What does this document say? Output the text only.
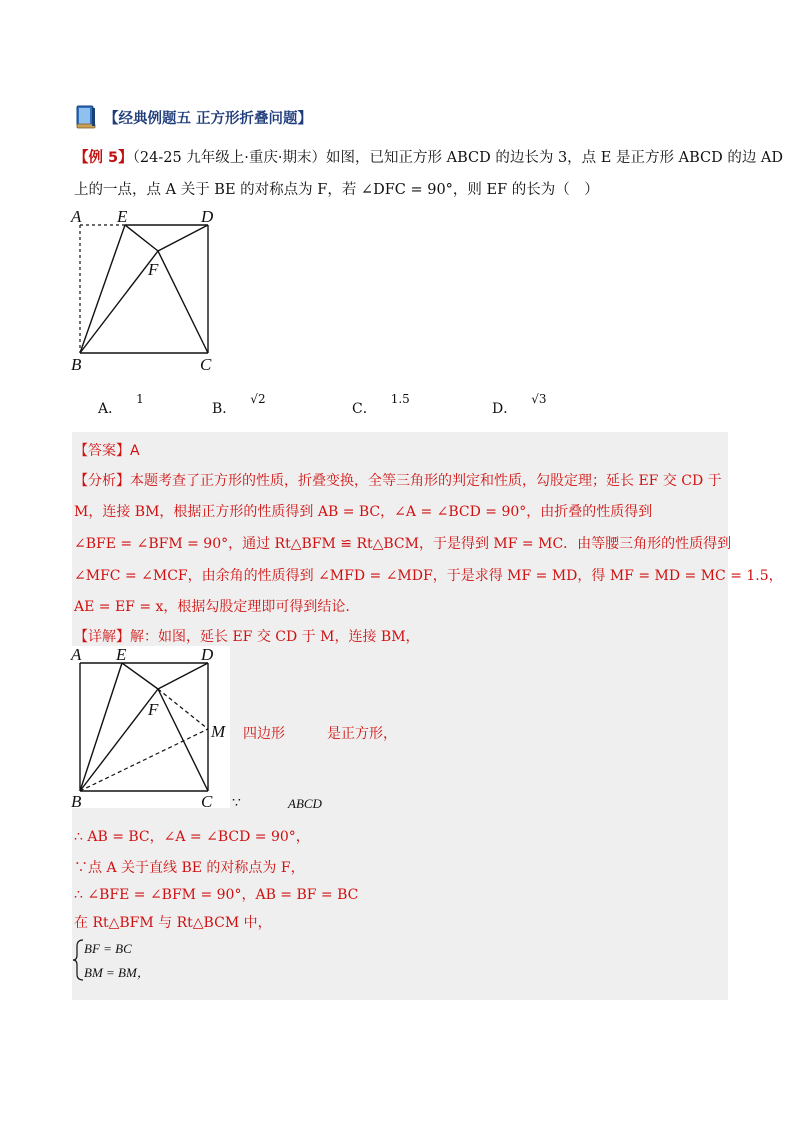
【经典例题五 正方形折叠问题】
【例 5】（24-25 九年级上·重庆·期末）如图，已知正方形 ABCD 的边长为 3，点 E 是正方形 ABCD 的边 AD
上的一点，点 A 关于 BE 的对称点为 F，若 ∠DFC = 90°，则 EF 的长为（　）
A E	D
F
B	C
A．1
B．√2
C．1.5
D．√3
【答案】A
【分析】本题考查了正方形的性质，折叠变换，全等三角形的判定和性质，勾股定理；延长 EF 交 CD 于
M，连接 BM，根据正方形的性质得到 AB = BC，∠A = ∠BCD = 90°，由折叠的性质得到
∠BFE = ∠BFM = 90°，通过 Rt△BFM ≌ Rt△BCM，于是得到 MF = MC．由等腰三角形的性质得到
∠MFC = ∠MCF，由余角的性质得到 ∠MFD = ∠MDF，于是求得 MF = MD，得 MF = MD = MC = 1.5，
AE = EF = x，根据勾股定理即可得到结论.
【详解】解：如图，延长 EF 交 CD 于 M，连接 BM，
A E	D
F
M
B	C
四边形　　　是正方形，
∵	ABCD
∴ AB = BC，∠A = ∠BCD = 90°，
∵点 A 关于直线 BE 的对称点为 F，
∴ ∠BFE = ∠BFM = 90°，AB = BF = BC
在 Rt△BFM 与 Rt△BCM 中，
BF = BC
BM = BM，
